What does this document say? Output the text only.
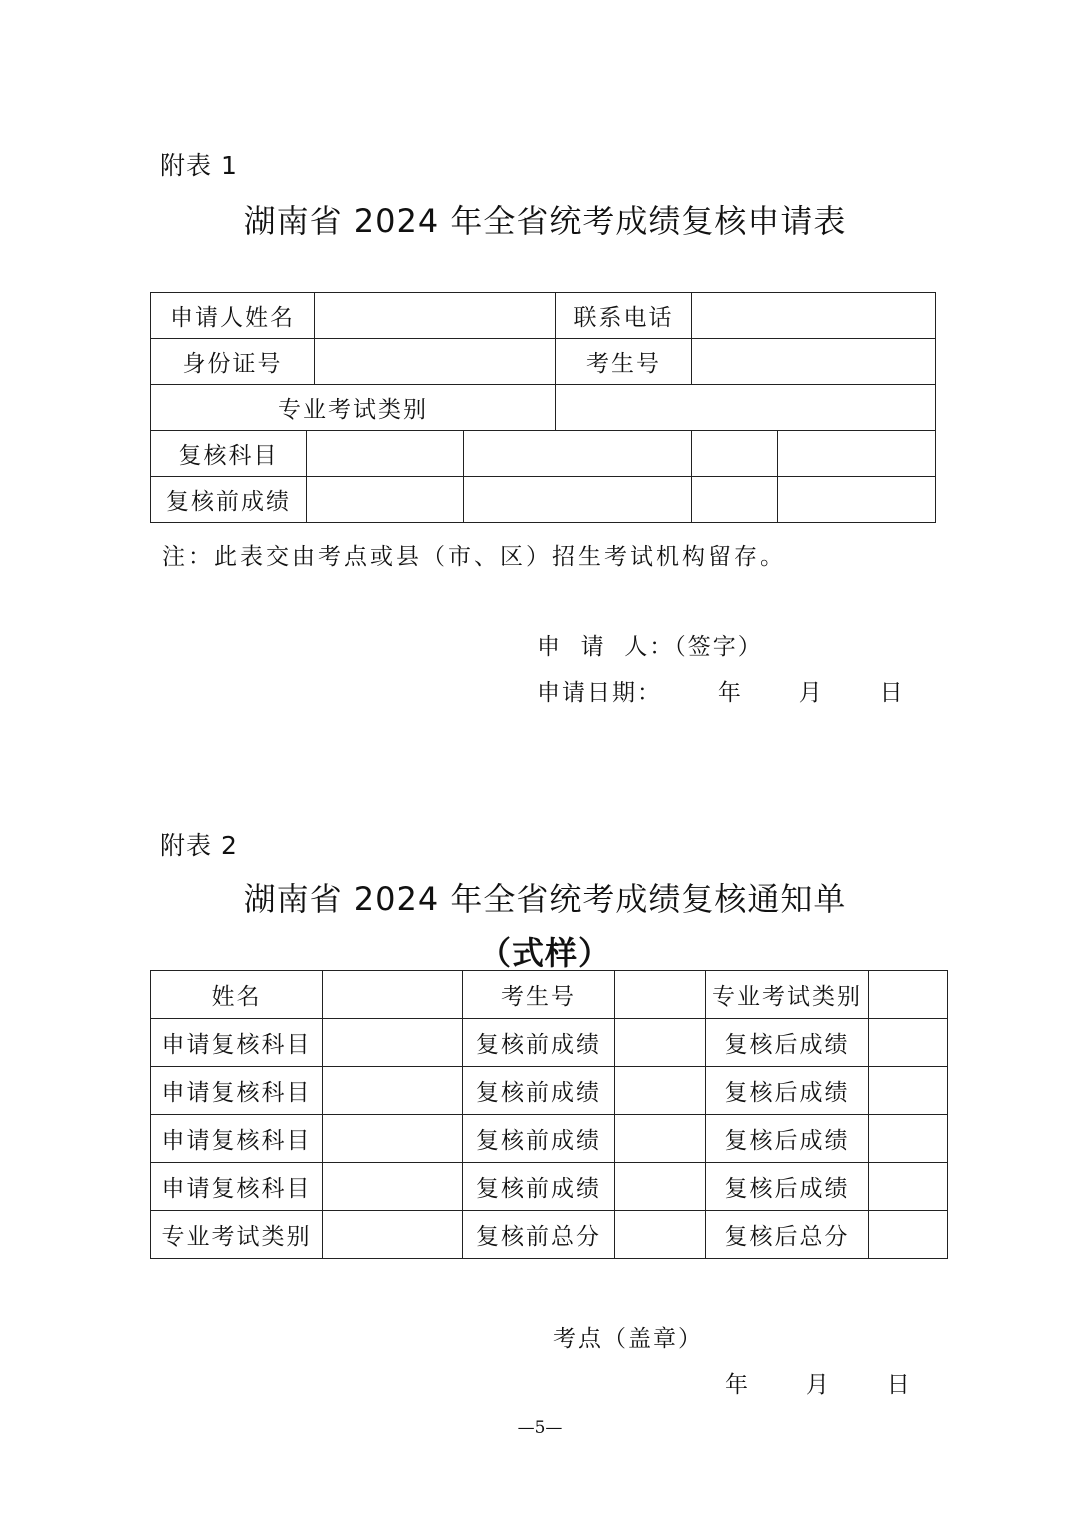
附表 1
湖南省 2024 年全省统考成绩复核申请表
申请人姓名				联系电话		
身份证号				考生号		
专业考试类别						
复核科目						
复核前成绩						
注：此表交由考点或县（市、区）招生考试机构留存。
申  请  人：（签字）
申请日期：      年      月      日
附表 2
湖南省 2024 年全省统考成绩复核通知单
（式样）
姓名		考生号		专业考试类别	
申请复核科目		复核前成绩		复核后成绩	
申请复核科目		复核前成绩		复核后成绩	
申请复核科目		复核前成绩		复核后成绩	
申请复核科目		复核前成绩		复核后成绩	
专业考试类别		复核前总分		复核后总分	
考点（盖章）
年      月      日
—5—
